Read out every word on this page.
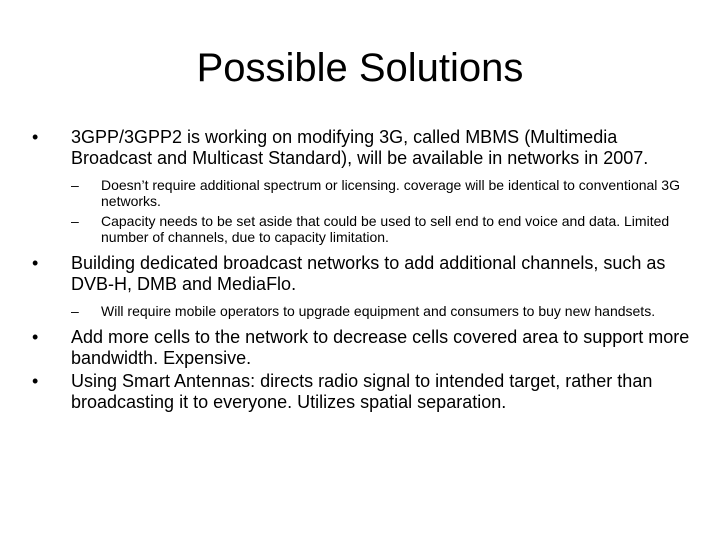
Possible Solutions

• 3GPP/3GPP2 is working on modifying 3G, called MBMS (Multimedia Broadcast and Multicast Standard), will be available in networks in 2007.

– Doesn’t require additional spectrum or licensing. coverage will be identical to conventional 3G networks.

– Capacity needs to be set aside that could be used to sell end to end voice and data. Limited number of channels, due to capacity limitation.

• Building dedicated broadcast networks to add additional channels, such as DVB-H, DMB and MediaFlo.

– Will require mobile operators to upgrade equipment and consumers to buy new handsets.

• Add more cells to the network to decrease cells covered area to support more bandwidth. Expensive.

• Using Smart Antennas: directs radio signal to intended target, rather than broadcasting it to everyone. Utilizes spatial separation.
